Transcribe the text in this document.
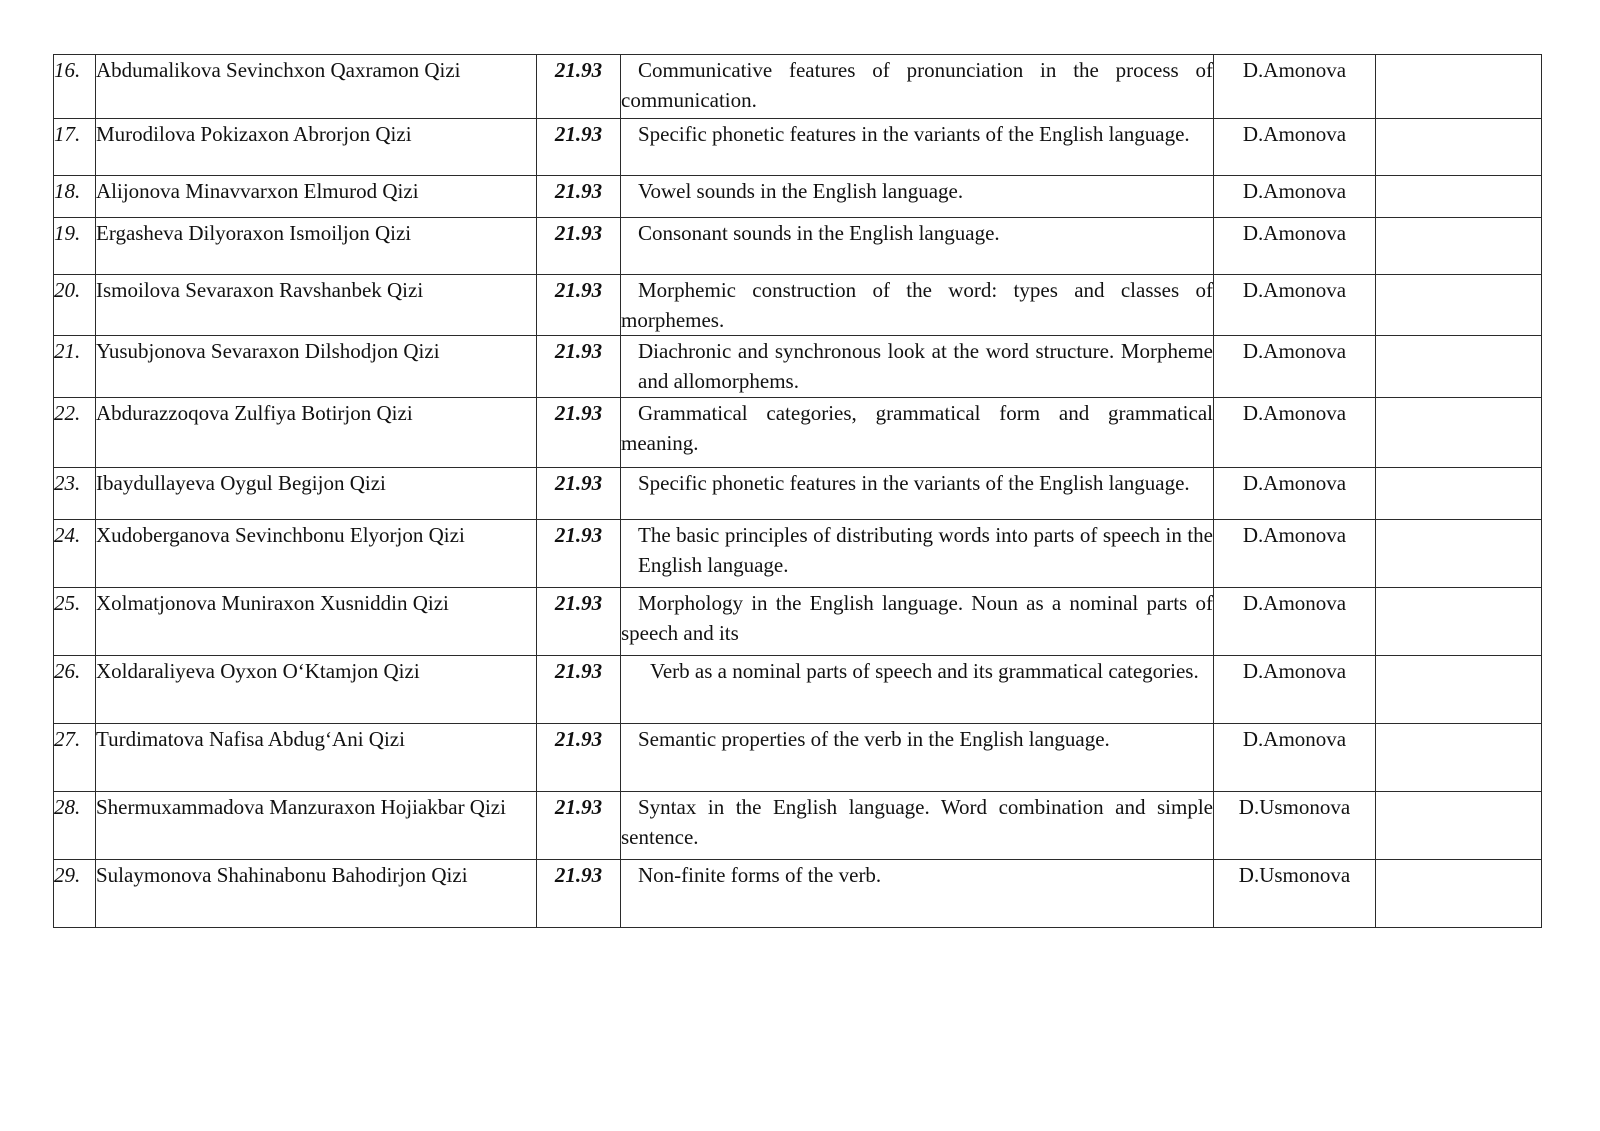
16.	Abdumalikova Sevinchxon Qaxramon Qizi	21.93	Communicative features of pronunciation in the process of communication.	D.Amonova	
17.	Murodilova Pokizaxon Abrorjon Qizi	21.93	Specific phonetic features in the variants of the English language.	D.Amonova	
18.	Alijonova Minavvarxon Elmurod Qizi	21.93	Vowel sounds in the English language.	D.Amonova	
19.	Ergasheva Dilyoraxon Ismoiljon Qizi	21.93	Consonant sounds in the English language.	D.Amonova	
20.	Ismoilova Sevaraxon Ravshanbek Qizi	21.93	Morphemic construction of the word: types and classes of morphemes.	D.Amonova	
21.	Yusubjonova Sevaraxon Dilshodjon Qizi	21.93	Diachronic and synchronous look at the word structure. Morpheme and allomorphems.	D.Amonova	
22.	Abdurazzoqova Zulfiya Botirjon Qizi	21.93	Grammatical categories, grammatical form and grammatical meaning.	D.Amonova	
23.	Ibaydullayeva Oygul Begijon Qizi	21.93	Specific phonetic features in the variants of the English language.	D.Amonova	
24.	Xudoberganova Sevinchbonu Elyorjon Qizi	21.93	The basic principles of distributing words into parts of speech in the English language.	D.Amonova	
25.	Xolmatjonova Muniraxon Xusniddin Qizi	21.93	Morphology in the English language. Noun as a nominal parts of speech and its	D.Amonova	
26.	Xoldaraliyeva Oyxon O‘Ktamjon Qizi	21.93	Verb as a nominal parts of speech and its grammatical categories.	D.Amonova	
27.	Turdimatova Nafisa Abdug‘Ani Qizi	21.93	Semantic properties of the verb in the English language.	D.Amonova	
28.	Shermuxammadova Manzuraxon Hojiakbar Qizi	21.93	Syntax in the English language. Word combination and simple sentence.	D.Usmonova	
29.	Sulaymonova Shahinabonu Bahodirjon Qizi	21.93	Non-finite forms of the verb.	D.Usmonova	
